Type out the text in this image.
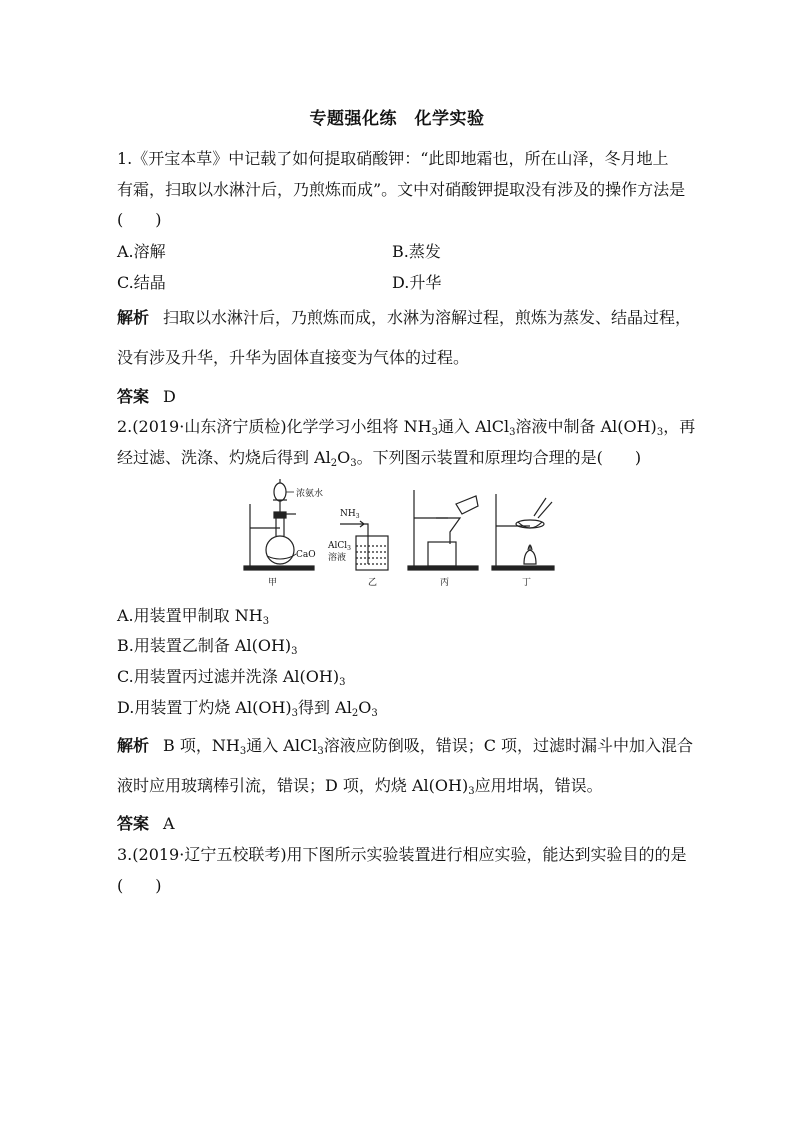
专题强化练　化学实验
1.《开宝本草》中记载了如何提取硝酸钾：“此即地霜也，所在山泽，冬月地上
有霜，扫取以水淋汁后，乃煎炼而成”。文中对硝酸钾提取没有涉及的操作方法是
(　　)
A.溶解	B.蒸发
C.结晶	D.升华
解析 扫取以水淋汁后，乃煎炼而成，水淋为溶解过程，煎炼为蒸发、结晶过程，
没有涉及升华，升华为固体直接变为气体的过程。
答案 D
2.(2019·山东济宁质检)化学学习小组将 $NH_3$通入 AlCl$_3$溶液中制备 $Al(OH)_3$，再
经过滤、洗涤、灼烧后得到 $Al_2O_3$。下列图示装置和原理均合理的是(　　)
浓氨水
CaO
甲
$NH_3$
AlCl$_3$
溶液
乙	丙	丁
A.用装置甲制取 $NH_3$
B.用装置乙制备 $Al(OH)_3$
C.用装置丙过滤并洗涤 $Al(OH)_3$
D.用装置丁灼烧 $Al(OH)_3$得到 $Al_2O_3$
解析 B 项，$NH_3$通入 AlCl$_3$溶液应防倒吸，错误；C 项，过滤时漏斗中加入混合
液时应用玻璃棒引流，错误；D 项，灼烧 $Al(OH)_3$应用坩埚，错误。
答案 A
3.(2019·辽宁五校联考)用下图所示实验装置进行相应实验，能达到实验目的的是
(　　)
